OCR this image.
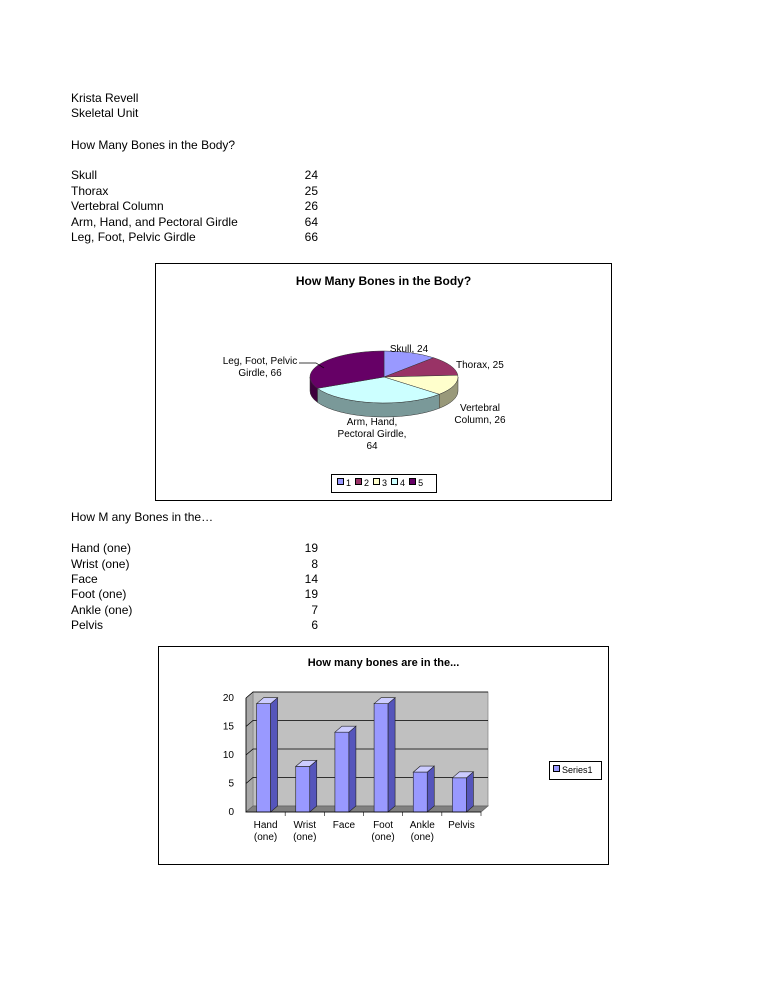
Krista Revell
Skeletal Unit
How Many Bones in the Body?
Skull	24
Thorax	25
Vertebral Column	26
Arm, Hand, and Pectoral Girdle	64
Leg, Foot, Pelvic Girdle	66
How Many Bones in the Body?
Skull, 24
Thorax, 25
Vertebral
Column, 26
Arm, Hand,
Pectoral Girdle,
64
Leg, Foot, Pelvic
Girdle, 66
1 2 3 4 5
How M any Bones in the…
Hand (one)	19
Wrist (one)	8
Face	14
Foot (one)	19
Ankle (one)	7
Pelvis	6
How many bones are in the...
0
5
10
15
20
Hand
(one)
Wrist
(one)
Face Foot
(one)
Ankle
(one)
Pelvis
Series1
